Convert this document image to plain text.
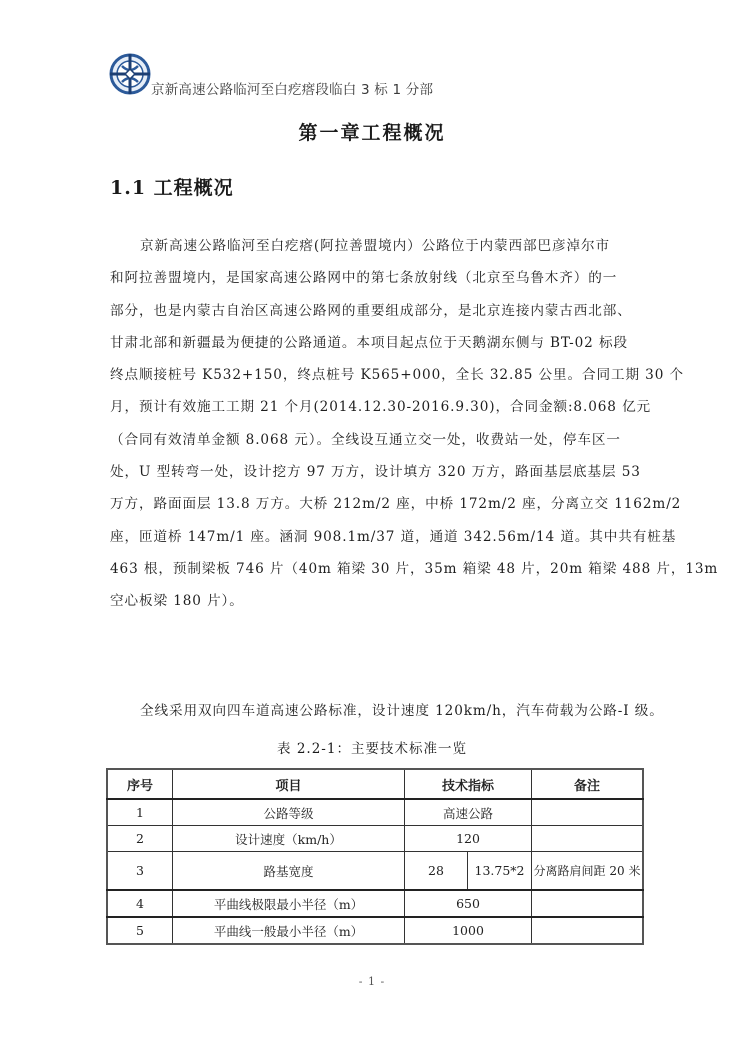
京新高速公路临河至白疙瘩段临白 3 标 1 分部
第一章工程概况
1.1 工程概况
京新高速公路临河至白疙瘩(阿拉善盟境内）公路位于内蒙西部巴彦淖尔市
和阿拉善盟境内，是国家高速公路网中的第七条放射线（北京至乌鲁木齐）的一
部分，也是内蒙古自治区高速公路网的重要组成部分，是北京连接内蒙古西北部、
甘肃北部和新疆最为便捷的公路通道。本项目起点位于天鹅湖东侧与 BT-02 标段
终点顺接桩号 K532+150，终点桩号 K565+000，全长 32.85 公里。合同工期 30 个
月，预计有效施工工期 21 个月(2014.12.30-2016.9.30)，合同金额:8.068 亿元
（合同有效清单金额 8.068 元）。全线设互通立交一处，收费站一处，停车区一
处，U 型转弯一处，设计挖方 97 万方，设计填方 320 万方，路面基层底基层 53
万方，路面面层 13.8 万方。大桥 212m/2 座，中桥 172m/2 座，分离立交 1162m/2
座，匝道桥 147m/1 座。涵洞 908.1m/37 道，通道 342.56m/14 道。其中共有桩基
463 根，预制梁板 746 片（40m 箱梁 30 片，35m 箱梁 48 片，20m 箱梁 488 片，13m
空心板梁 180 片）。
全线采用双向四车道高速公路标准，设计速度 120km/h，汽车荷载为公路-I 级。
表 2.2-1：主要技术标准一览
序号	项目	技术指标		备注
1	公路等级	高速公路		
2	设计速度（km/h）	120		
3	路基宽度	28	13.75*2	分离路肩间距 20 米
4	平曲线极限最小半径（m）	650		
5	平曲线一般最小半径（m）	1000		
- 1 -
